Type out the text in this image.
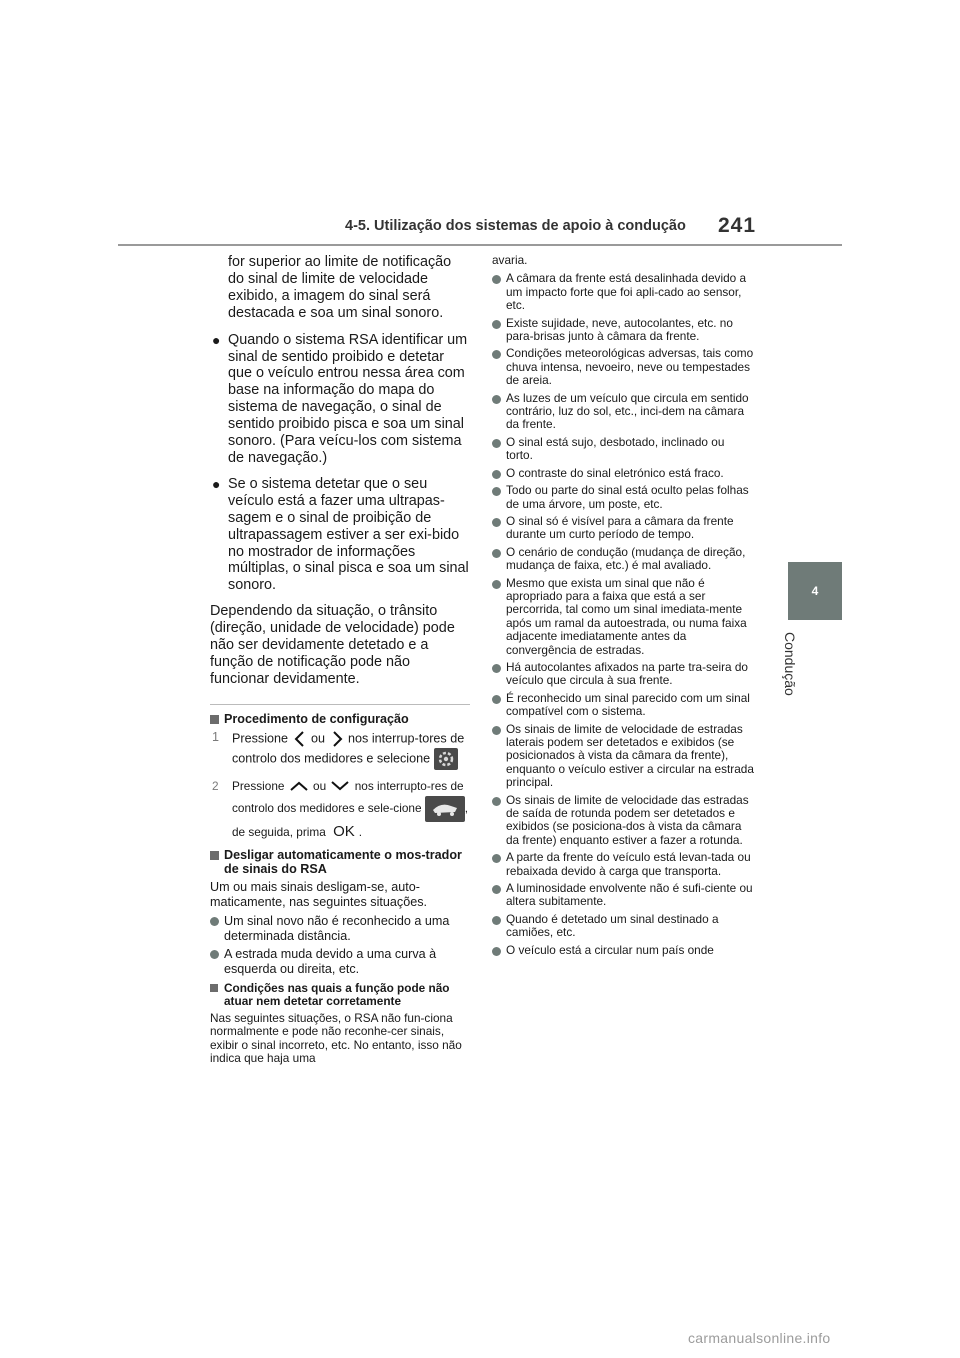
4-5. Utilização dos sistemas de apoio à condução 241
4
Condução
for superior ao limite de notificação do sinal de limite de velocidade exibido, a imagem do sinal será destacada e soa um sinal sonoro.
● Quando o sistema RSA identificar um sinal de sentido proibido e detetar que o veículo entrou nessa área com base na informação do mapa do sistema de navegação, o sinal de sentido proibido pisca e soa um sinal sonoro. (Para veícu-los com sistema de navegação.)
● Se o sistema detetar que o seu veículo está a fazer uma ultrapas-sagem e o sinal de proibição de ultrapassagem estiver a ser exi-bido no mostrador de informações múltiplas, o sinal pisca e soa um sinal sonoro.
Dependendo da situação, o trânsito (direção, unidade de velocidade) pode não ser devidamente detetado e a função de notificação pode não funcionar devidamente.
Procedimento de configuração
1 Pressione ou nos interrup-tores de controlo dos medidores e selecione
2 Pressione ou nos interrupto-res de controlo dos medidores e sele-cione	, de seguida, prima OK .
Desligar automaticamente o mos-trador de sinais do RSA
Um ou mais sinais desligam-se, auto-maticamente, nas seguintes situações.
Um sinal novo não é reconhecido a uma determinada distância.
A estrada muda devido a uma curva à esquerda ou direita, etc.
Condições nas quais a função pode não atuar nem detetar corretamente
Nas seguintes situações, o RSA não fun-ciona normalmente e pode não reconhe-cer sinais, exibir o sinal incorreto, etc. No entanto, isso não indica que haja uma
avaria.
A câmara da frente está desalinhada devido a um impacto forte que foi apli-cado ao sensor, etc.
Existe sujidade, neve, autocolantes, etc. no para-brisas junto à câmara da frente.
Condições meteorológicas adversas, tais como chuva intensa, nevoeiro, neve ou tempestades de areia.
As luzes de um veículo que circula em sentido contrário, luz do sol, etc., inci-dem na câmara da frente.
O sinal está sujo, desbotado, inclinado ou torto.
O contraste do sinal eletrónico está fraco.
Todo ou parte do sinal está oculto pelas folhas de uma árvore, um poste, etc.
O sinal só é visível para a câmara da frente durante um curto período de tempo.
O cenário de condução (mudança de direção, mudança de faixa, etc.) é mal avaliado.
Mesmo que exista um sinal que não é apropriado para a faixa que está a ser percorrida, tal como um sinal imediata-mente após um ramal da autoestrada, ou numa faixa adjacente imediatamente antes da convergência de estradas.
Há autocolantes afixados na parte tra-seira do veículo que circula à sua frente.
É reconhecido um sinal parecido com um sinal compatível com o sistema.
Os sinais de limite de velocidade de estradas laterais podem ser detetados e exibidos (se posicionados à vista da câmara da frente), enquanto o veículo estiver a circular na estrada principal.
Os sinais de limite de velocidade das estradas de saída de rotunda podem ser detetados e exibidos (se posiciona-dos à vista da câmara da frente) enquanto estiver a fazer a rotunda.
A parte da frente do veículo está levan-tada ou rebaixada devido à carga que transporta.
A luminosidade envolvente não é sufi-ciente ou altera subitamente.
Quando é detetado um sinal destinado a camiões, etc.
O veículo está a circular num país onde
carmanualsonline.info
